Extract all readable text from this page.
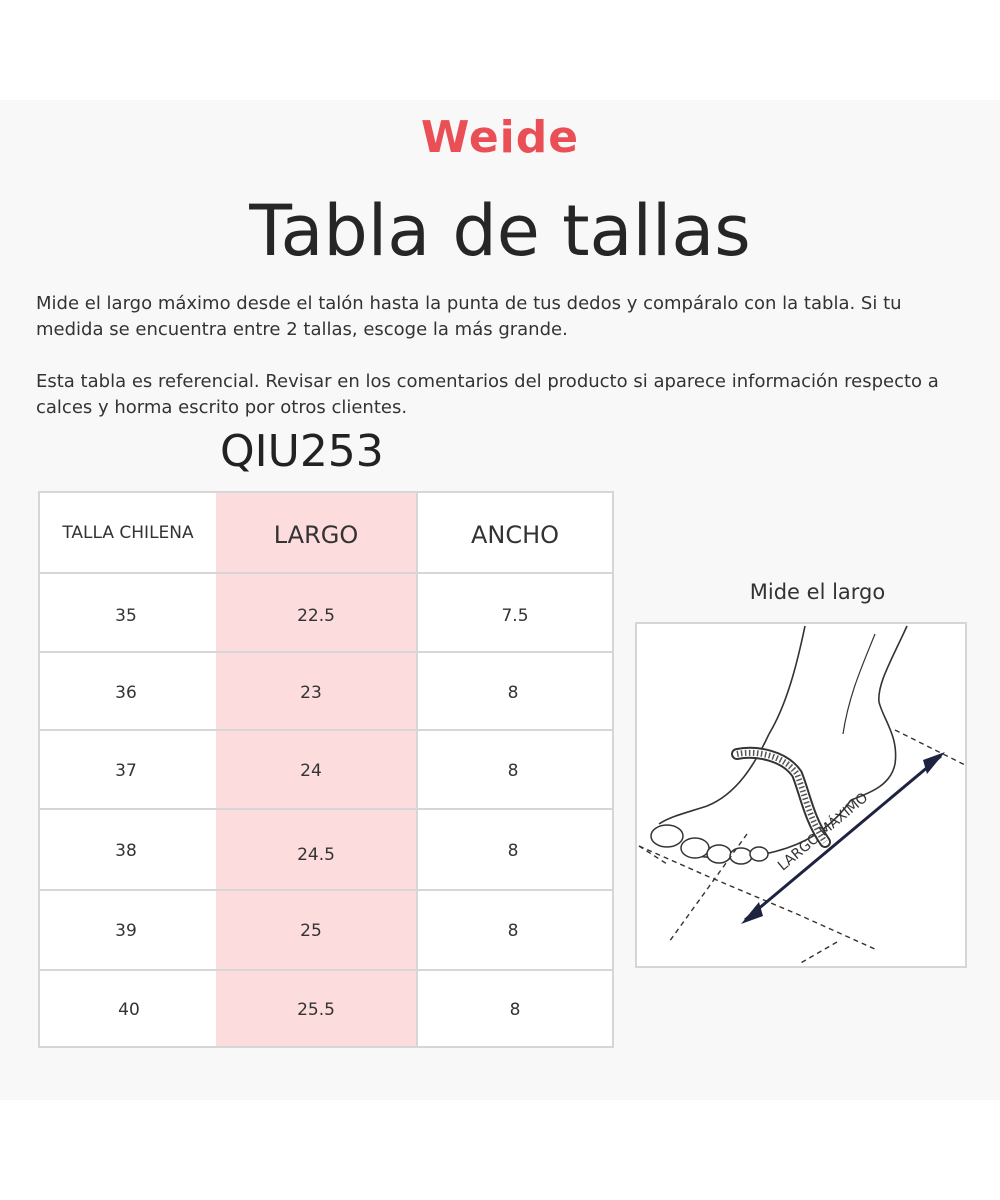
Weide
Tabla de tallas
Mide el largo máximo desde el talón hasta la punta de tus dedos y compáralo con la tabla. Si tu medida se encuentra entre 2 tallas, escoge la más grande.
Esta tabla es referencial. Revisar en los comentarios del producto si aparece información respecto a calces y horma escrito por otros clientes.
QIU253
TALLA CHILENA	LARGO	ANCHO
35	22.5	7.5
36	23	8
37	24	8
38	24.5	8
39	25	8
40	25.5	8
Mide el largo
LARGO MÁXIMO
